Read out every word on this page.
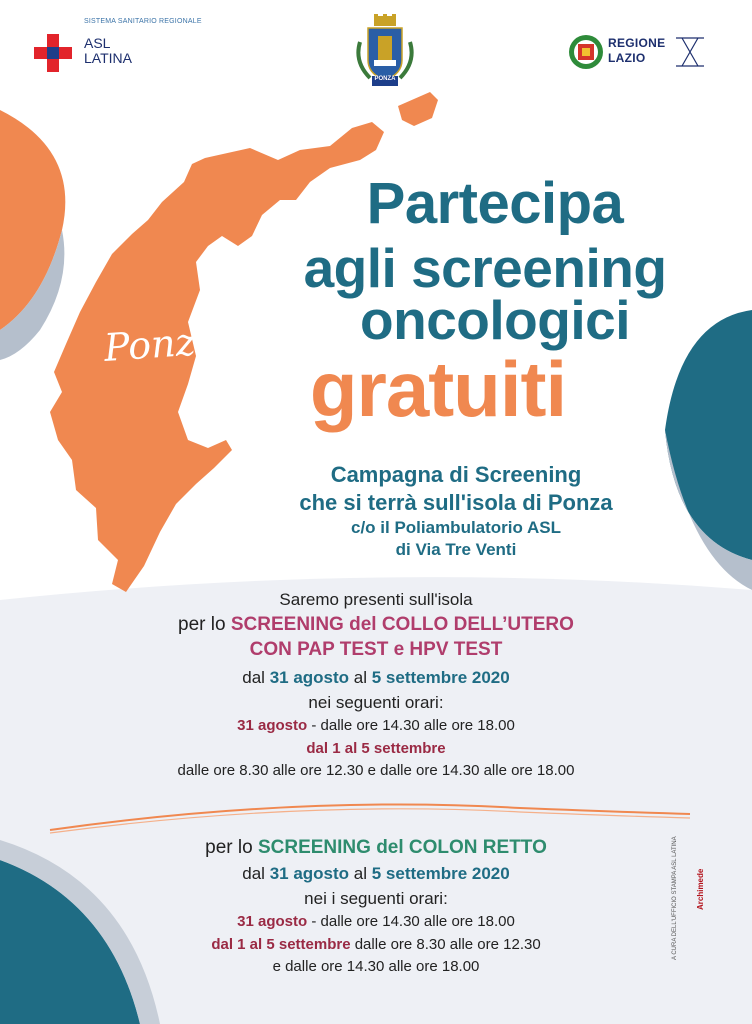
SISTEMA SANITARIO REGIONALE
ASL
LATINA
PONZA
REGIONE
LAZIO
Ponza
Partecipa
agli screening
oncologici
gratuiti
Campagna di Screening
che si terrà sull'isola di Ponza
c/o il Poliambulatorio ASL
di Via Tre Venti
Saremo presenti sull'isola
per lo SCREENING del COLLO DELL’UTERO
CON PAP TEST e HPV TEST
dal 31 agosto al 5 settembre 2020
nei seguenti orari:
31 agosto - dalle ore 14.30 alle ore 18.00
dal 1 al 5 settembre
dalle ore 8.30 alle ore 12.30 e dalle ore 14.30 alle ore 18.00
per lo SCREENING del COLON RETTO
dal 31 agosto al 5 settembre 2020
nei i seguenti orari:
31 agosto - dalle ore 14.30 alle ore 18.00
dal 1 al 5 settembre dalle ore 8.30 alle ore 12.30
e dalle ore 14.30 alle ore 18.00
A CURA DELL'UFFICIO STAMPA ASL LATINA	Archimede
